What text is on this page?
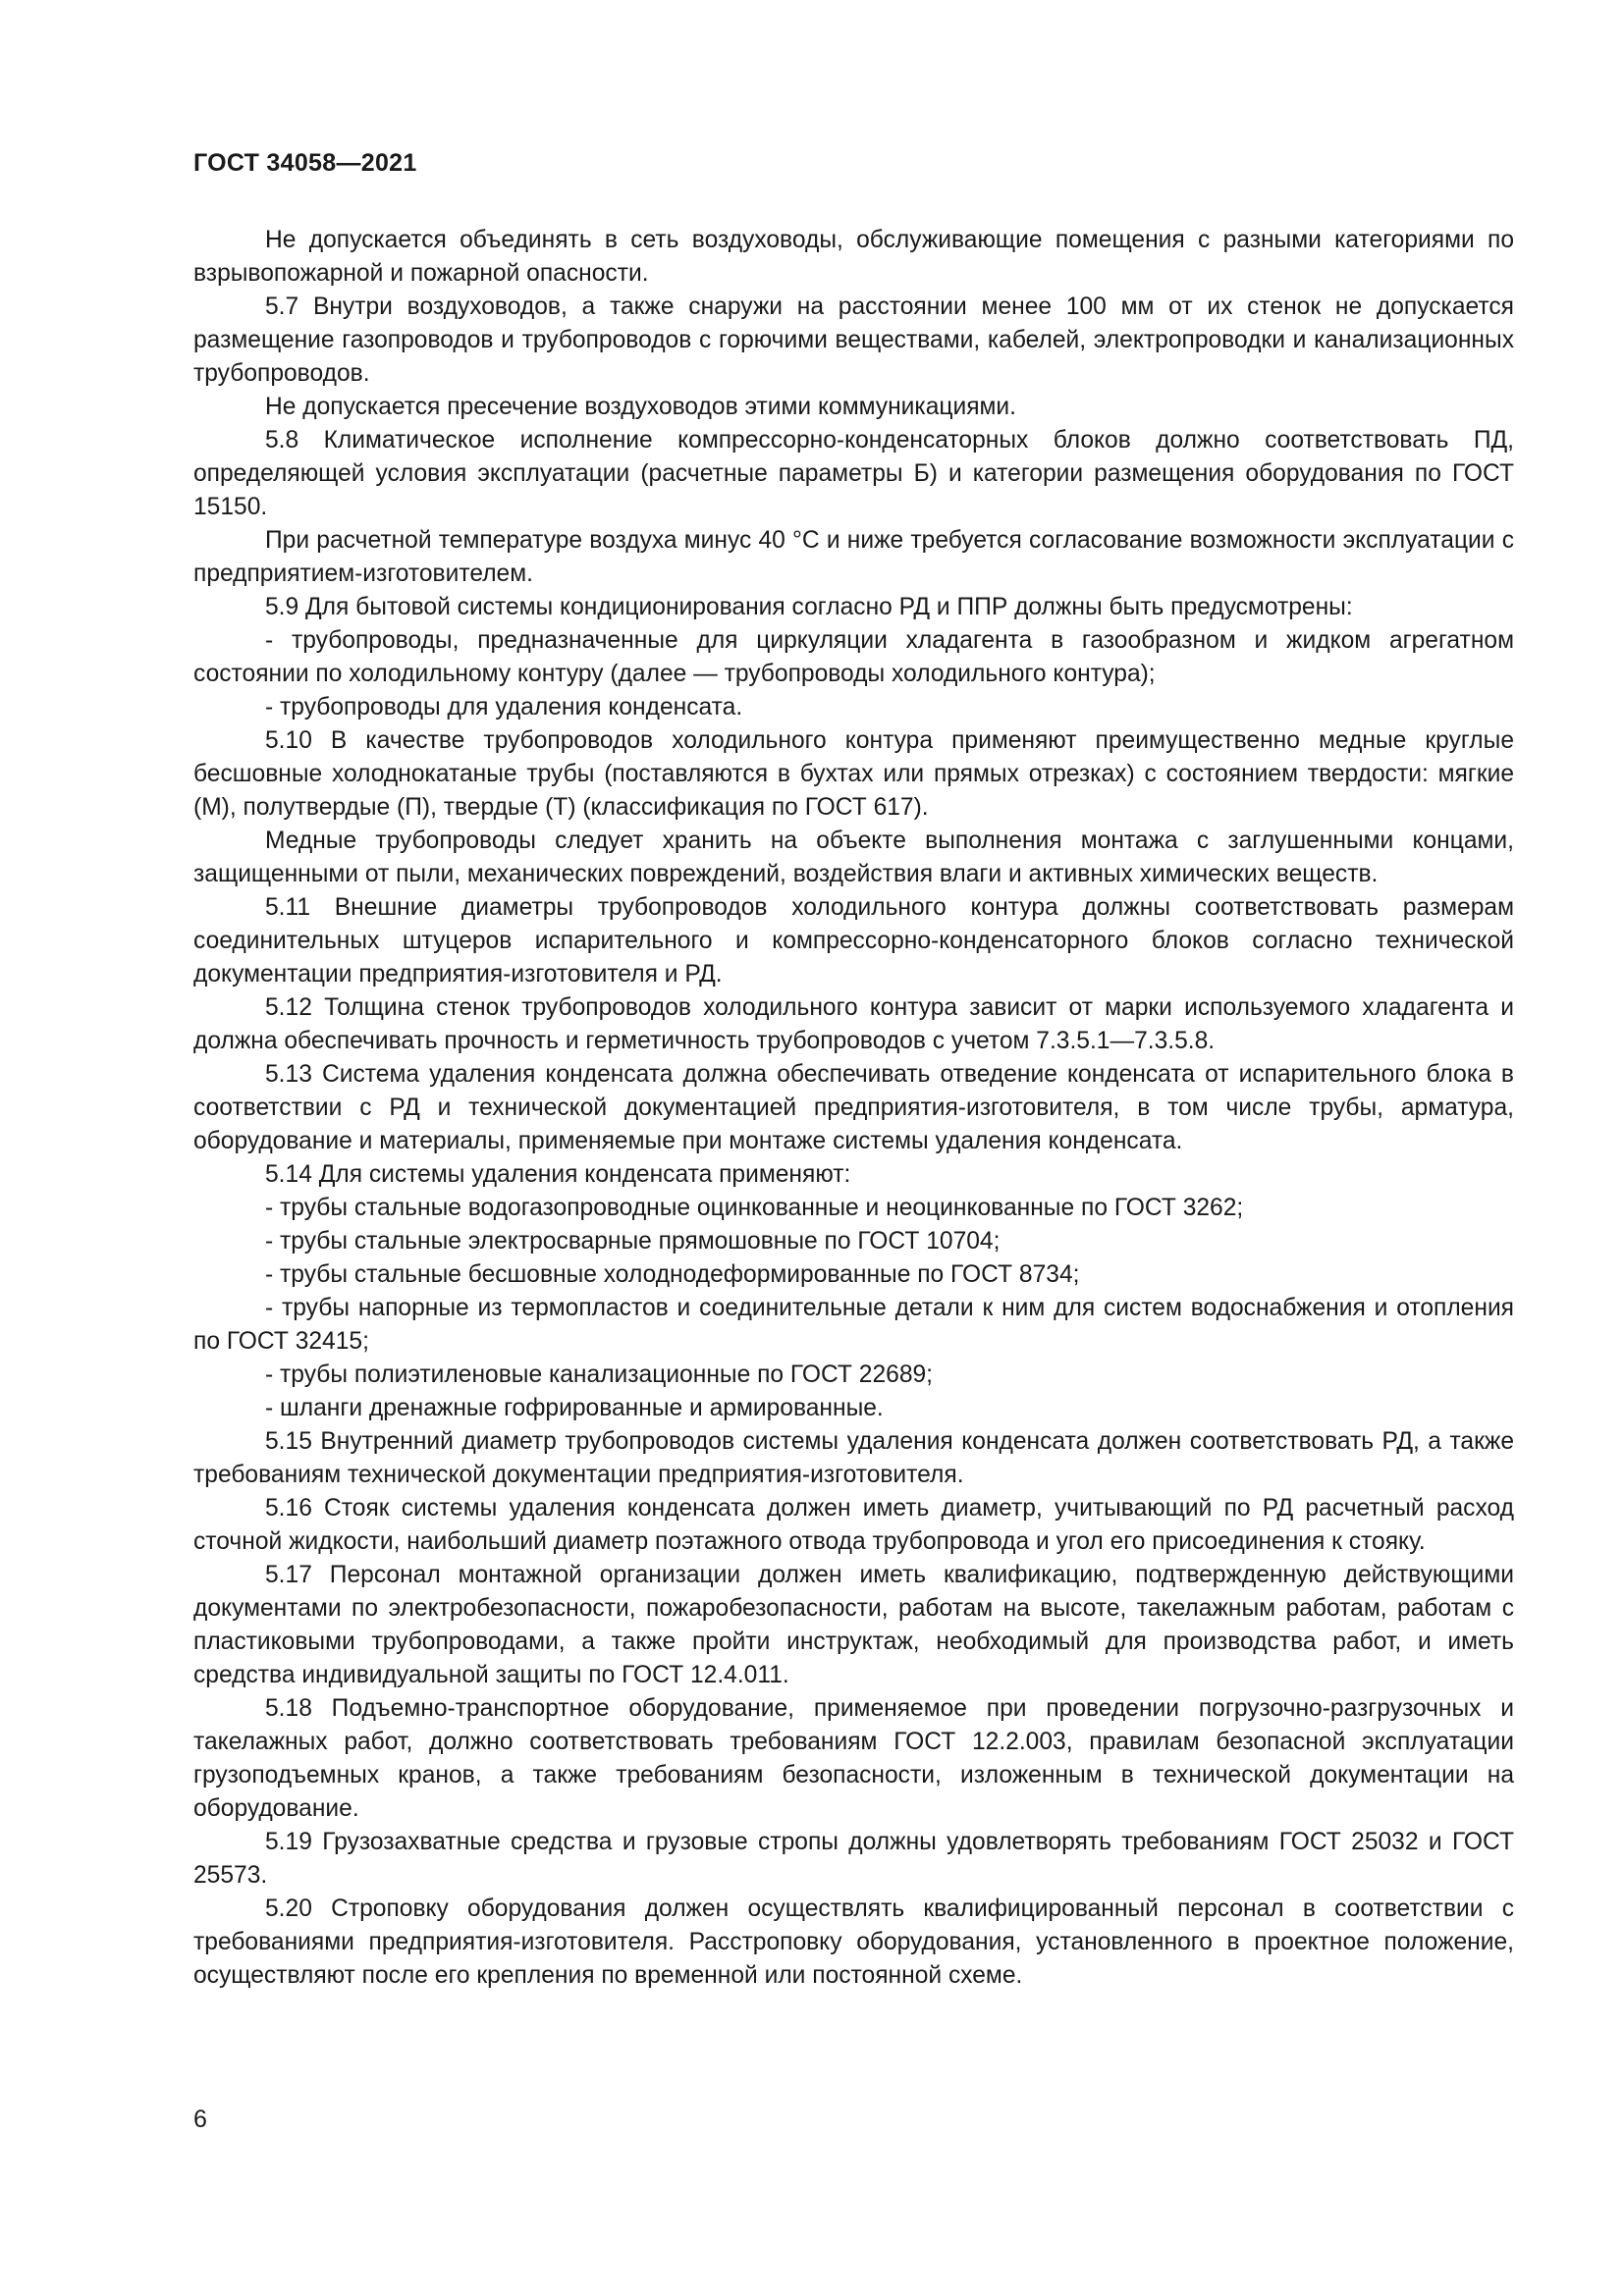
ГОСТ 34058—2021

Не допускается объединять в сеть воздуховоды, обслуживающие помещения с разными категориями по взрывопожарной и пожарной опасности.

5.7 Внутри воздуховодов, а также снаружи на расстоянии менее 100 мм от их стенок не допускается размещение газопроводов и трубопроводов с горючими веществами, кабелей, электропроводки и канализационных трубопроводов.

Не допускается пресечение воздуховодов этими коммуникациями.

5.8 Климатическое исполнение компрессорно-конденсаторных блоков должно соответствовать ПД, определяющей условия эксплуатации (расчетные параметры Б) и категории размещения оборудования по ГОСТ 15150.

При расчетной температуре воздуха минус 40 °С и ниже требуется согласование возможности эксплуатации с предприятием-изготовителем.

5.9 Для бытовой системы кондиционирования согласно РД и ППР должны быть предусмотрены:

- трубопроводы, предназначенные для циркуляции хладагента в газообразном и жидком агрегатном состоянии по холодильному контуру (далее — трубопроводы холодильного контура);

- трубопроводы для удаления конденсата.

5.10 В качестве трубопроводов холодильного контура применяют преимущественно медные круглые бесшовные холоднокатаные трубы (поставляются в бухтах или прямых отрезках) с состоянием твердости: мягкие (М), полутвердые (П), твердые (Т) (классификация по ГОСТ 617).

Медные трубопроводы следует хранить на объекте выполнения монтажа с заглушенными концами, защищенными от пыли, механических повреждений, воздействия влаги и активных химических веществ.

5.11 Внешние диаметры трубопроводов холодильного контура должны соответствовать размерам соединительных штуцеров испарительного и компрессорно-конденсаторного блоков согласно технической документации предприятия-изготовителя и РД.

5.12 Толщина стенок трубопроводов холодильного контура зависит от марки используемого хладагента и должна обеспечивать прочность и герметичность трубопроводов с учетом 7.3.5.1—7.3.5.8.

5.13 Система удаления конденсата должна обеспечивать отведение конденсата от испарительного блока в соответствии с РД и технической документацией предприятия-изготовителя, в том числе трубы, арматура, оборудование и материалы, применяемые при монтаже системы удаления конденсата.

5.14 Для системы удаления конденсата применяют:

- трубы стальные водогазопроводные оцинкованные и неоцинкованные по ГОСТ 3262;

- трубы стальные электросварные прямошовные по ГОСТ 10704;

- трубы стальные бесшовные холоднодеформированные по ГОСТ 8734;

- трубы напорные из термопластов и соединительные детали к ним для систем водоснабжения и отопления по ГОСТ 32415;

- трубы полиэтиленовые канализационные по ГОСТ 22689;

- шланги дренажные гофрированные и армированные.

5.15 Внутренний диаметр трубопроводов системы удаления конденсата должен соответствовать РД, а также требованиям технической документации предприятия-изготовителя.

5.16 Стояк системы удаления конденсата должен иметь диаметр, учитывающий по РД расчетный расход сточной жидкости, наибольший диаметр поэтажного отвода трубопровода и угол его присоединения к стояку.

5.17 Персонал монтажной организации должен иметь квалификацию, подтвержденную действующими документами по электробезопасности, пожаробезопасности, работам на высоте, такелажным работам, работам с пластиковыми трубопроводами, а также пройти инструктаж, необходимый для производства работ, и иметь средства индивидуальной защиты по ГОСТ 12.4.011.

5.18 Подъемно-транспортное оборудование, применяемое при проведении погрузочно-разгрузочных и такелажных работ, должно соответствовать требованиям ГОСТ 12.2.003, правилам безопасной эксплуатации грузоподъемных кранов, а также требованиям безопасности, изложенным в технической документации на оборудование.

5.19 Грузозахватные средства и грузовые стропы должны удовлетворять требованиям ГОСТ 25032 и ГОСТ 25573.

5.20 Строповку оборудования должен осуществлять квалифицированный персонал в соответствии с требованиями предприятия-изготовителя. Расстроповку оборудования, установленного в проектное положение, осуществляют после его крепления по временной или постоянной схеме.

6
